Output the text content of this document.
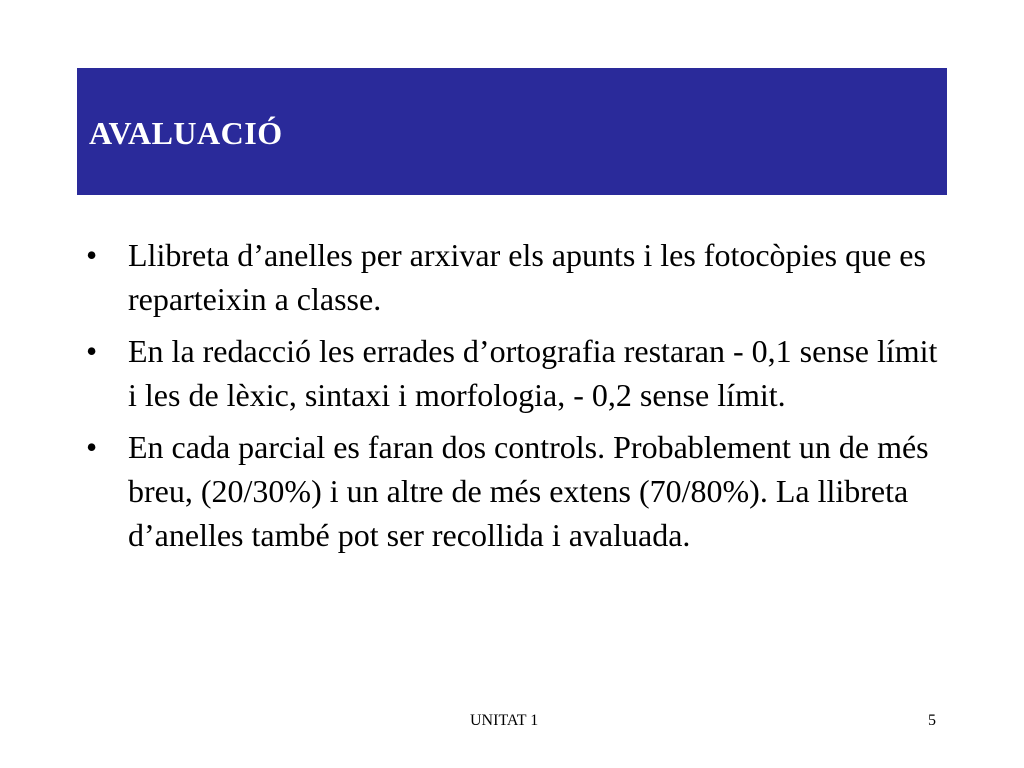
AVALUACIÓ
• Llibreta d’anelles per arxivar els apunts i les fotocòpies que es reparteixin a classe.
• En la redacció les errades d’ortografia restaran - 0,1 sense límit i les de lèxic, sintaxi i morfologia, - 0,2 sense límit.
• En cada parcial es faran dos controls. Probablement un de més breu, (20/30%) i un altre de més extens (70/80%). La llibreta d’anelles també pot ser recollida i avaluada.
UNITAT 1	5
